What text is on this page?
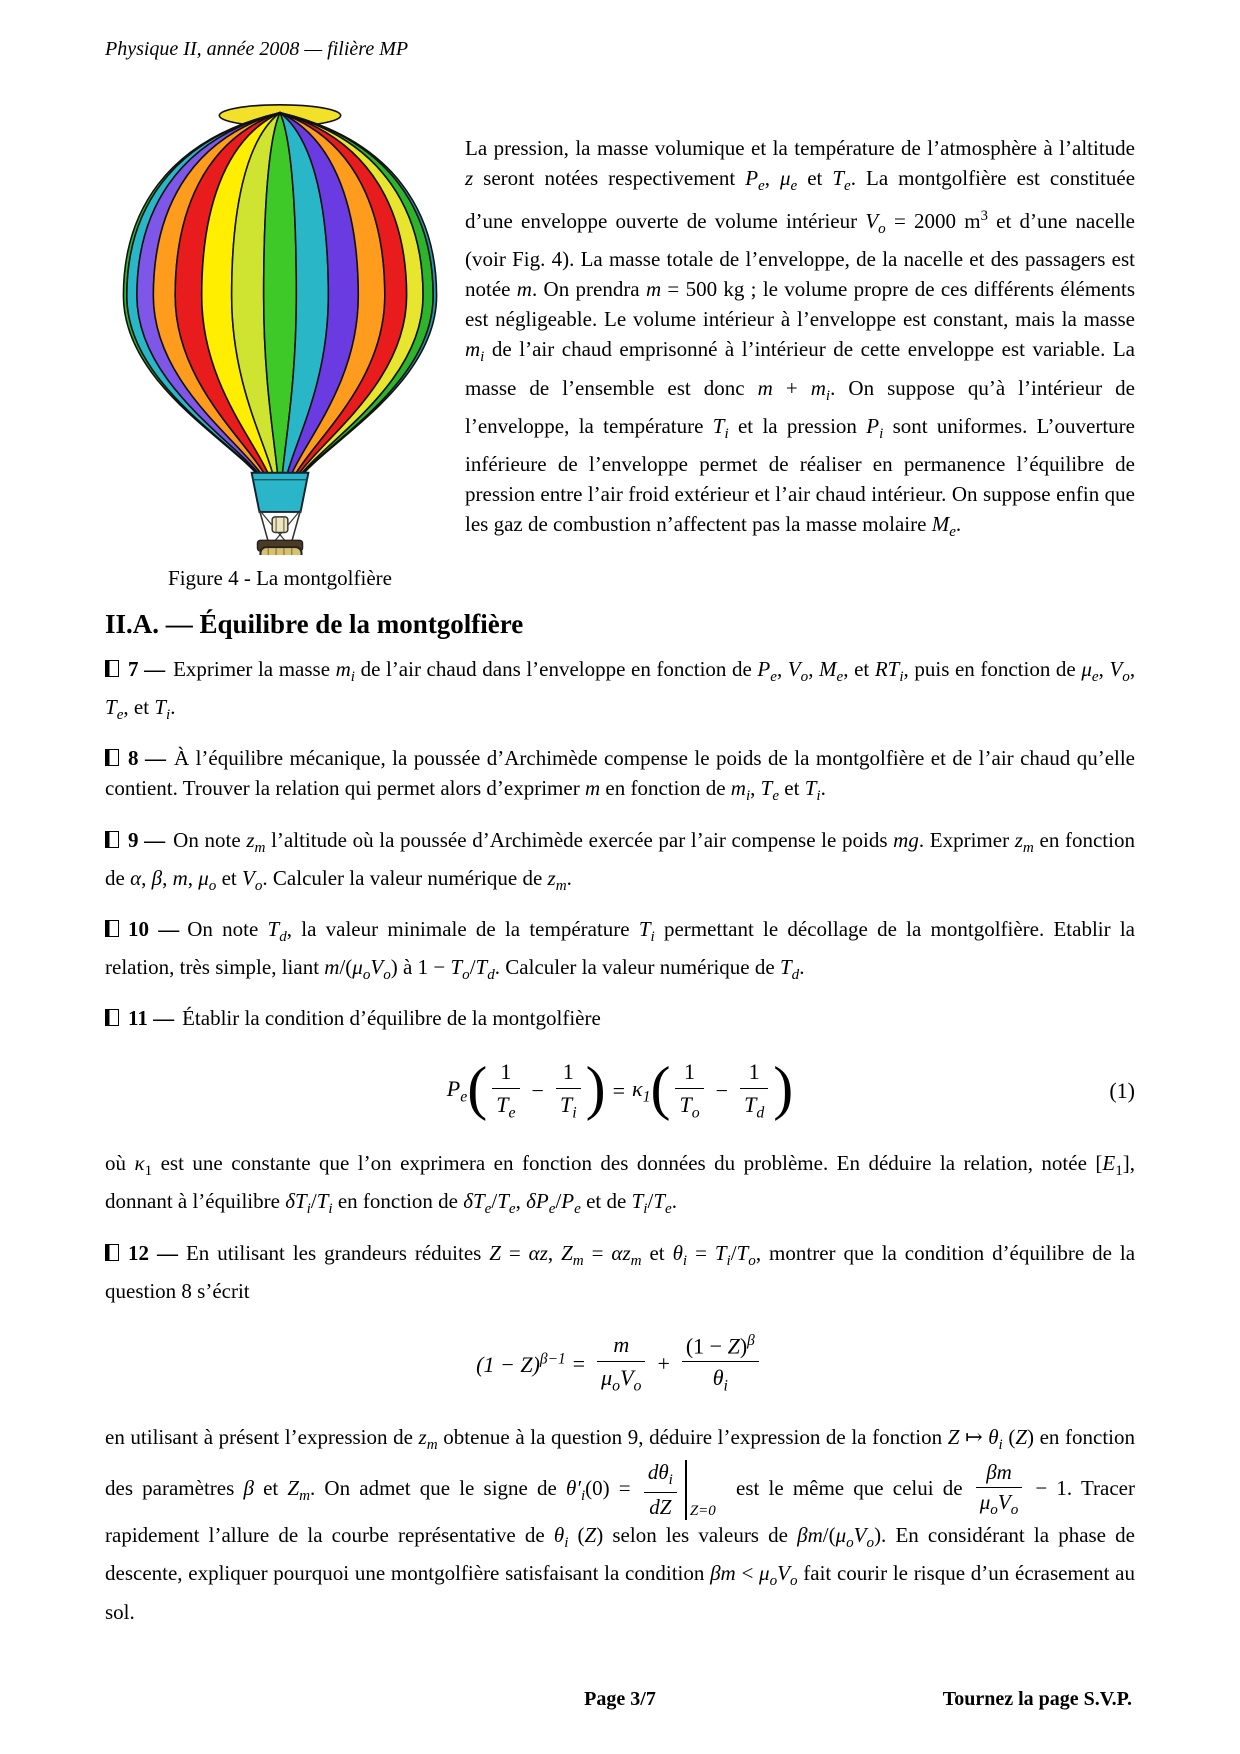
Physique II, année 2008 — filière MP
Figure 4 - La montgolfière

La pression, la masse volumique et la température de l’atmosphère à l’altitude z seront notées respectivement $P_e$, $\mu_e$ et $T_e$. La montgolfière est constituée d’une enveloppe ouverte de volume intérieur $V_o = 2000$ $m^3$ et d’une nacelle (voir Fig. 4). La masse totale de l’enveloppe, de la nacelle et des passagers est notée m. On prendra m = 500 kg ; le volume propre de ces différents éléments est négligeable. Le volume intérieur à l’enveloppe est constant, mais la masse $m_i$ de l’air chaud emprisonné à l’intérieur de cette enveloppe est variable. La masse de l’ensemble est donc $m + m_i$. On suppose qu’à l’intérieur de l’enveloppe, la température $T_i$ et la pression $P_i$ sont uniformes. L’ouverture inférieure de l’enveloppe permet de réaliser en permanence l’équilibre de pression entre l’air froid extérieur et l’air chaud intérieur. On suppose enfin que les gaz de combustion n’affectent pas la masse molaire $M_e$.

II.A. — Équilibre de la montgolfière

7 — Exprimer la masse $m_i$ de l’air chaud dans l’enveloppe en fonction de $P_e$, $V_o$, $M_e$, et $RT_i$, puis en fonction de $\mu_e$, $V_o$, $T_e$, et $T_i$.

8 — À l’équilibre mécanique, la poussée d’Archimède compense le poids de la montgolfière et de l’air chaud qu’elle contient. Trouver la relation qui permet alors d’exprimer m en fonction de $m_i$, $T_e$ et $T_i$.

9 — On note $z_m$ l’altitude où la poussée d’Archimède exercée par l’air compense le poids mg. Exprimer $z_m$ en fonction de α, β, m, $\mu_o$ et $V_o$. Calculer la valeur numérique de $z_m$.

10 — On note $T_d$, la valeur minimale de la température $T_i$ permettant le décollage de la montgolfière. Etablir la relation, très simple, liant $m/(\mu_oV_o)$ à $1 - T_o/T_d$. Calculer la valeur numérique de $T_d$.

11 — Établir la condition d’équilibre de la montgolfière

$P_e( \frac{1}{T_e} - \frac{1}{T_i}$ ) = $\kappa_1( \frac{1}{T_o} - \frac{1}{T_d}$ )	(1)

où $\kappa_1$ est une constante que l’on exprimera en fonction des données du problème. En déduire la relation, notée $[E_1]$, donnant à l’équilibre $\delta T_i/T_i$ en fonction de $\delta T_e/T_e$, $\delta P_e/P_e$ et de $T_i/T_e$.

12 — En utilisant les grandeurs réduites Z = αz, $Z_m = \alpha z_m$ et $\theta_i = T_i/T_o$, montrer que la condition d’équilibre de la question 8 s’écrit

$(1 - Z)^{\beta-1} = \frac{m}{\mu_oV_o} + \frac{(1 - Z)^\beta}{\theta_i}$

en utilisant à présent l’expression de $z_m$ obtenue à la question 9, déduire l’expression de la fonction Z ↦ $\theta_i$ (Z) en fonction des paramètres β et $Z_m$. On admet que le signe de $\theta'_i(0)$ =
$d\theta_i$
dZ	Z=0
est le même que celui de
βm
$\mu_oV_o$
− 1. Tracer rapidement l’allure de la courbe représentative de $\theta_i$ (Z) selon les valeurs de $\beta m/(\mu_oV_o)$. En considérant la phase de descente, expliquer pourquoi une montgolfière satisfaisant la condition $\beta m < \mu_oV_o$ fait courir le risque d’un écrasement au sol.

Page 3/7	Tournez la page S.V.P.
